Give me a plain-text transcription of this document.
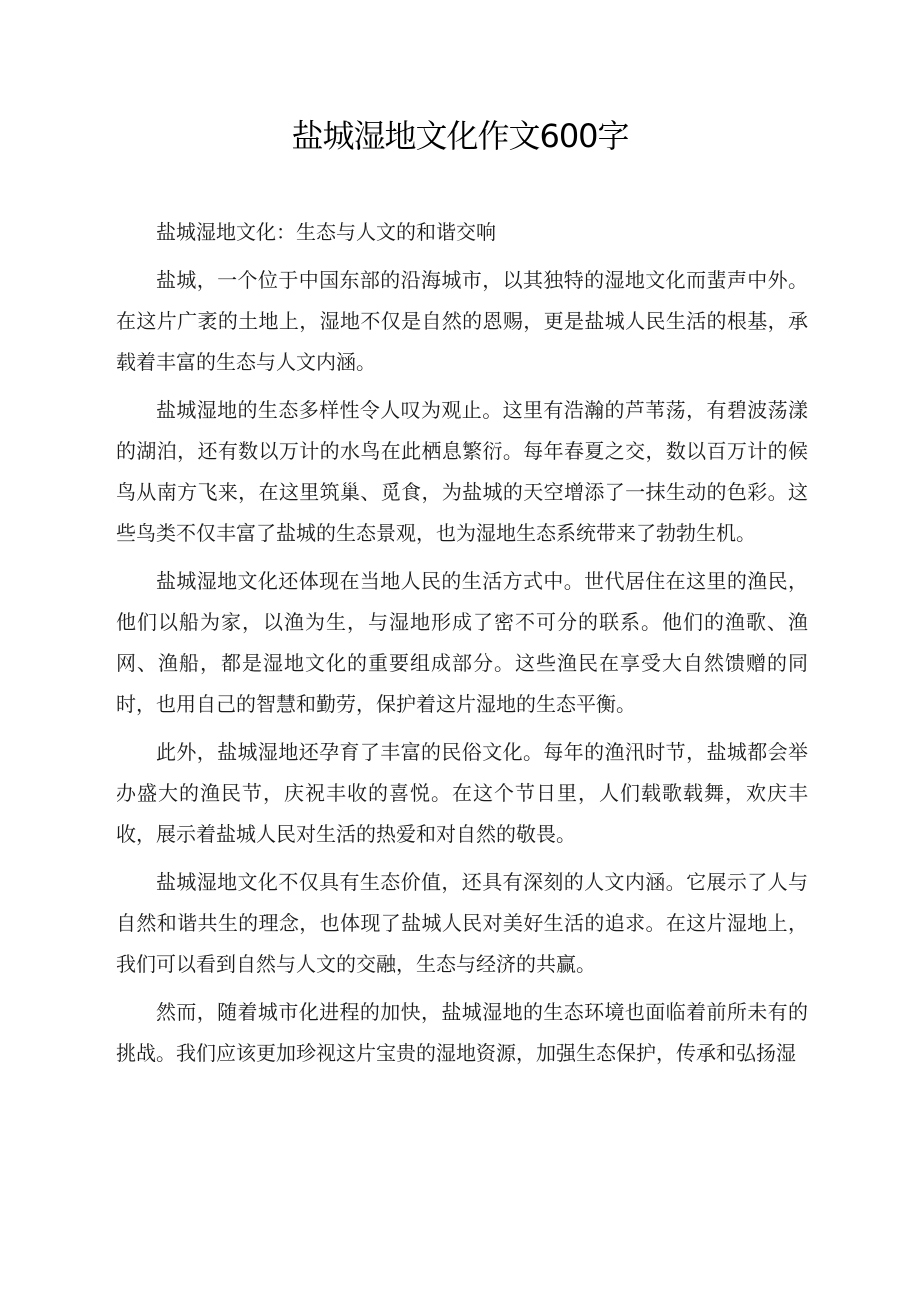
盐城湿地文化作文600字

盐城湿地文化：生态与人文的和谐交响

盐城，一个位于中国东部的沿海城市，以其独特的湿地文化而蜚声中外。在这片广袤的土地上，湿地不仅是自然的恩赐，更是盐城人民生活的根基，承载着丰富的生态与人文内涵。

盐城湿地的生态多样性令人叹为观止。这里有浩瀚的芦苇荡，有碧波荡漾的湖泊，还有数以万计的水鸟在此栖息繁衍。每年春夏之交，数以百万计的候鸟从南方飞来，在这里筑巢、觅食，为盐城的天空增添了一抹生动的色彩。这些鸟类不仅丰富了盐城的生态景观，也为湿地生态系统带来了勃勃生机。

盐城湿地文化还体现在当地人民的生活方式中。世代居住在这里的渔民，他们以船为家，以渔为生，与湿地形成了密不可分的联系。他们的渔歌、渔网、渔船，都是湿地文化的重要组成部分。这些渔民在享受大自然馈赠的同时，也用自己的智慧和勤劳，保护着这片湿地的生态平衡。

此外，盐城湿地还孕育了丰富的民俗文化。每年的渔汛时节，盐城都会举办盛大的渔民节，庆祝丰收的喜悦。在这个节日里，人们载歌载舞，欢庆丰收，展示着盐城人民对生活的热爱和对自然的敬畏。

盐城湿地文化不仅具有生态价值，还具有深刻的人文内涵。它展示了人与自然和谐共生的理念，也体现了盐城人民对美好生活的追求。在这片湿地上，我们可以看到自然与人文的交融，生态与经济的共赢。

然而，随着城市化进程的加快，盐城湿地的生态环境也面临着前所未有的挑战。我们应该更加珍视这片宝贵的湿地资源，加强生态保护，传承和弘扬湿
